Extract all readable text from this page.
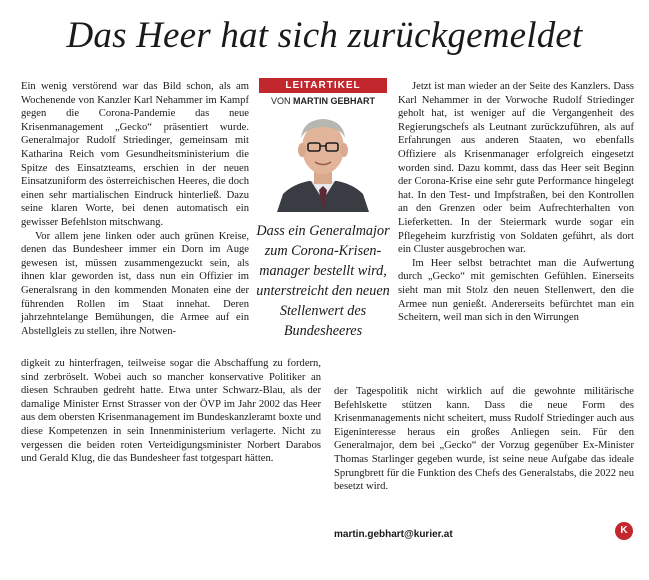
Das Heer hat sich zurückgemeldet

Ein wenig verstörend war das Bild schon, als am Wochenende von Kanzler Karl Nehammer im Kampf gegen die Corona-Pandemie das neue Krisenmanagement „Gecko“ präsentiert wurde. Generalmajor Rudolf Striedinger, gemeinsam mit Katharina Reich vom Gesundheitsministerium die Spitze des Einsatzteams, erschien in der neuen Einsatzuniform des österreichischen Heeres, die doch einen sehr martialischen Eindruck hinterließ. Dazu seine klaren Worte, bei denen automatisch ein gewisser Befehlston mitschwang.

Vor allem jene linken oder auch grünen Kreise, denen das Bundesheer immer ein Dorn im Auge gewesen ist, müssen zusammengezuckt sein, als ihnen klar geworden ist, dass nun ein Offizier im Generalsrang in den kommenden Monaten eine der führenden Rollen im Staat innehat. Deren jahrzehntelange Bemühungen, die Armee auf ein Abstellgleis zu stellen, ihre Notwen-

LEITARTIKEL
VON MARTIN GEBHART
Dass ein Generalmajor zum Corona-Krisenmanager bestellt wird, unterstreicht den neuen Stellenwert des Bundesheeres

digkeit zu hinterfragen, teilweise sogar die Abschaffung zu fordern, sind zerbröselt. Wobei auch so mancher konservative Politiker an diesen Schrauben gedreht hatte. Etwa unter Schwarz-Blau, als der damalige Minister Ernst Strasser von der ÖVP im Jahr 2002 das Heer aus dem obersten Krisenmanagement im Bundeskanzleramt boxte und diese Kompetenzen in sein Innenministerium verlagerte. Nicht zu vergessen die beiden roten Verteidigungsminister Norbert Darabos und Gerald Klug, die das Bundesheer fast totgespart hätten.

Jetzt ist man wieder an der Seite des Kanzlers. Dass Karl Nehammer in der Vorwoche Rudolf Striedinger geholt hat, ist weniger auf die Vergangenheit des Regierungschefs als Leutnant zurückzuführen, als auf Erfahrungen aus anderen Staaten, wo ebenfalls Offiziere als Krisenmanager erfolgreich eingesetzt worden sind. Dazu kommt, dass das Heer seit Beginn der Corona-Krise eine sehr gute Performance hingelegt hat. In den Test- und Impfstraßen, bei den Kontrollen an den Grenzen oder beim Aufrechterhalten von Lieferketten. In der Steiermark wurde sogar ein Pflegeheim kurzfristig von Soldaten geführt, als dort ein Cluster ausgebrochen war.

Im Heer selbst betrachtet man die Aufwertung durch „Gecko“ mit gemischten Gefühlen. Einerseits sieht man mit Stolz den neuen Stellenwert, den die Armee nun genießt. Andererseits befürchtet man ein Scheitern, weil man sich in den Wirrungen

der Tagespolitik nicht wirklich auf die gewohnte militärische Befehlskette stützen kann. Dass die neue Form des Krisenmanagements nicht scheitert, muss Rudolf Striedinger auch aus Eigeninteresse heraus ein großes Anliegen sein. Für den Generalmajor, dem bei „Gecko“ der Vorzug gegenüber Ex-Minister Thomas Starlinger gegeben wurde, ist seine neue Aufgabe das ideale Sprungbrett für die Funktion des Chefs des Generalstabs, die 2022 neu besetzt wird.

martin.gebhart@kurier.at	K
